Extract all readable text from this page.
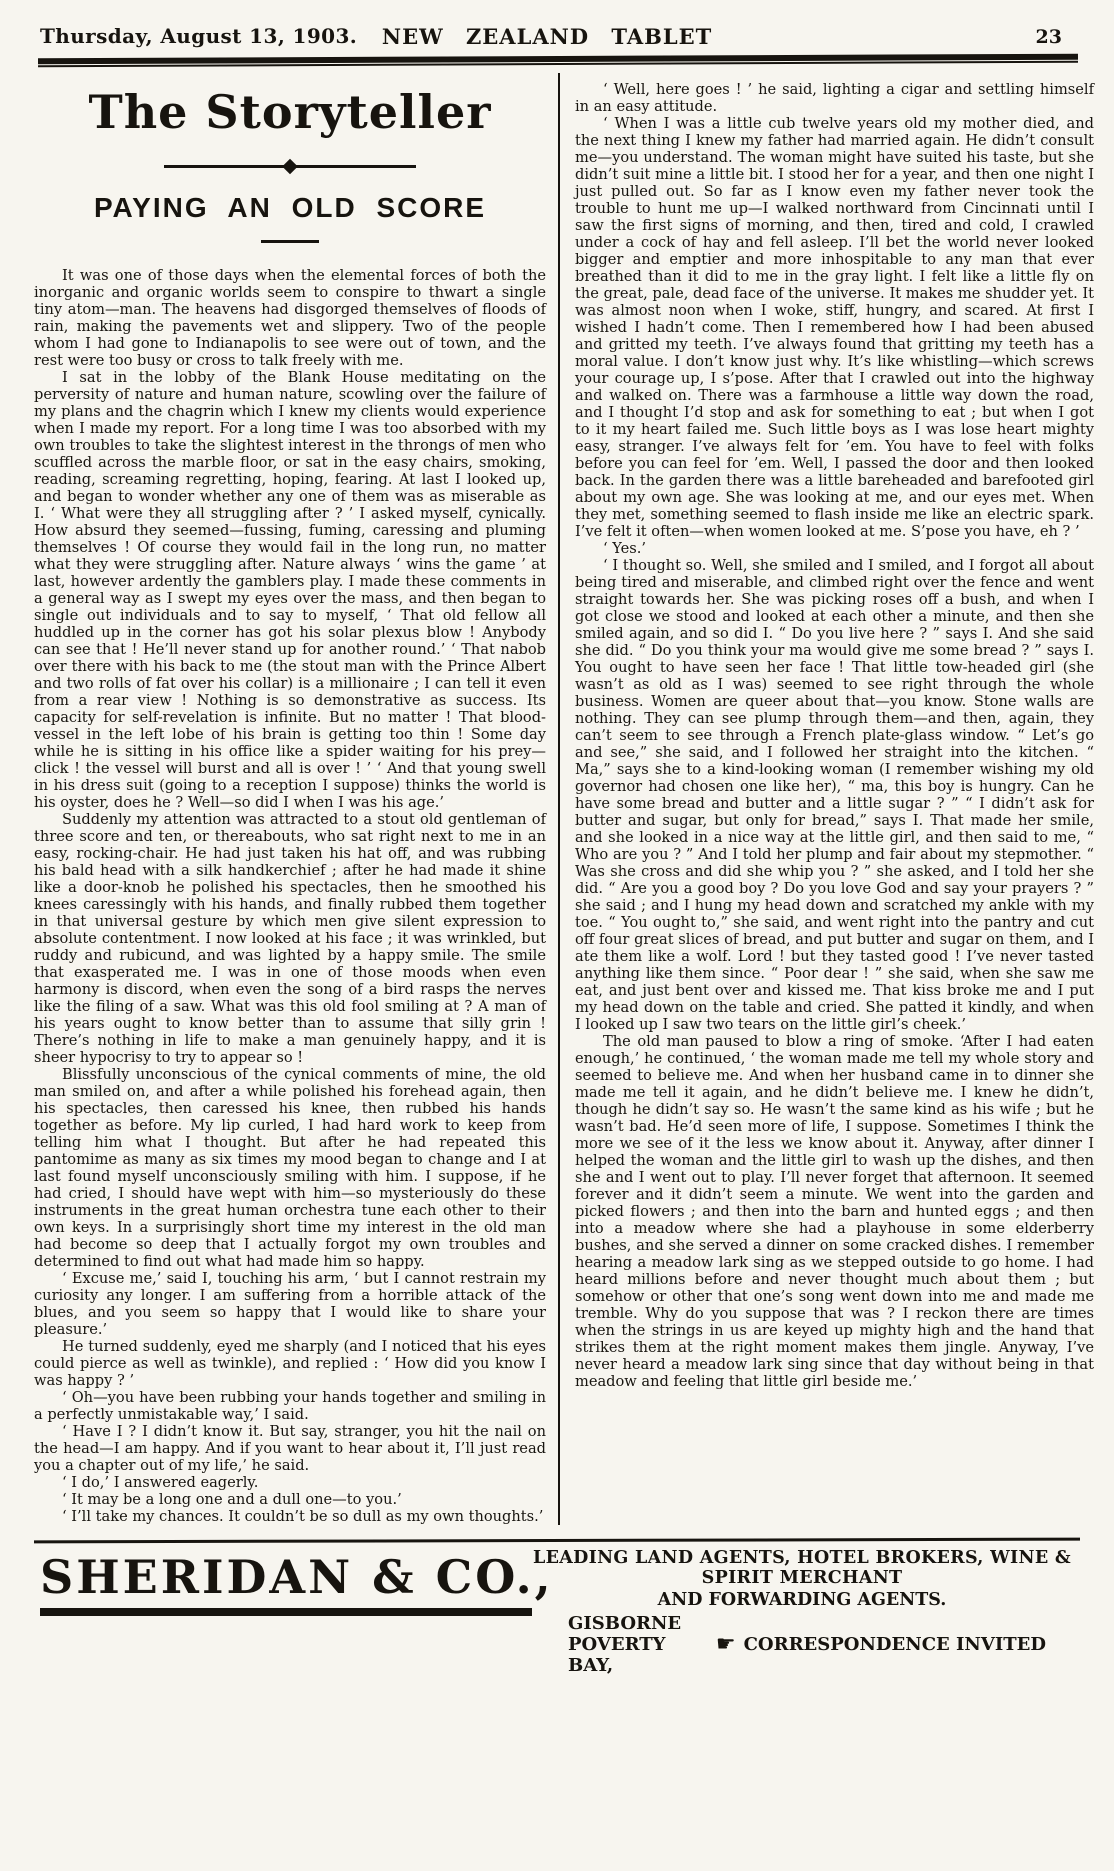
Thursday, August 13, 1903. NEW ZEALAND TABLET	23
The Storyteller
PAYING AN OLD SCORE

It was one of those days when the elemental forces of both the inorganic and organic worlds seem to conspire to thwart a single tiny atom—man. The heavens had disgorged themselves of floods of rain, making the pavements wet and slippery. Two of the people whom I had gone to Indianapolis to see were out of town, and the rest were too busy or cross to talk freely with me.

I sat in the lobby of the Blank House meditating on the perversity of nature and human nature, scowling over the failure of my plans and the chagrin which I knew my clients would experience when I made my report. For a long time I was too absorbed with my own troubles to take the slightest interest in the throngs of men who scuffled across the marble floor, or sat in the easy chairs, smoking, reading, screaming regretting, hoping, fearing. At last I looked up, and began to wonder whether any one of them was as miserable as I. ‘ What were they all struggling after ? ’ I asked myself, cynically. How absurd they seemed—fussing, fuming, caressing and pluming themselves ! Of course they would fail in the long run, no matter what they were struggling after. Nature always ‘ wins the game ’ at last, however ardently the gamblers play. I made these comments in a general way as I swept my eyes over the mass, and then began to single out individuals and to say to myself, ‘ That old fellow all huddled up in the corner has got his solar plexus blow ! Anybody can see that ! He’ll never stand up for another round.’ ‘ That nabob over there with his back to me (the stout man with the Prince Albert and two rolls of fat over his collar) is a millionaire ; I can tell it even from a rear view ! Nothing is so demonstrative as success. Its capacity for self-revelation is infinite. But no matter ! That blood-vessel in the left lobe of his brain is getting too thin ! Some day while he is sitting in his office like a spider waiting for his prey—click ! the vessel will burst and all is over ! ’ ‘ And that young swell in his dress suit (going to a reception I suppose) thinks the world is his oyster, does he ? Well—so did I when I was his age.’

Suddenly my attention was attracted to a stout old gentleman of three score and ten, or thereabouts, who sat right next to me in an easy, rocking-chair. He had just taken his hat off, and was rubbing his bald head with a silk handkerchief ; after he had made it shine like a door-knob he polished his spectacles, then he smoothed his knees caressingly with his hands, and finally rubbed them together in that universal gesture by which men give silent expression to absolute contentment. I now looked at his face ; it was wrinkled, but ruddy and rubicund, and was lighted by a happy smile. The smile that exasperated me. I was in one of those moods when even harmony is discord, when even the song of a bird rasps the nerves like the filing of a saw. What was this old fool smiling at ? A man of his years ought to know better than to assume that silly grin ! There’s nothing in life to make a man genuinely happy, and it is sheer hypocrisy to try to appear so !

Blissfully unconscious of the cynical comments of mine, the old man smiled on, and after a while polished his forehead again, then his spectacles, then caressed his knee, then rubbed his hands together as before. My lip curled, I had hard work to keep from telling him what I thought. But after he had repeated this pantomime as many as six times my mood began to change and I at last found myself unconsciously smiling with him. I suppose, if he had cried, I should have wept with him—so mysteriously do these instruments in the great human orchestra tune each other to their own keys. In a surprisingly short time my interest in the old man had become so deep that I actually forgot my own troubles and determined to find out what had made him so happy.

‘ Excuse me,’ said I, touching his arm, ‘ but I cannot restrain my curiosity any longer. I am suffering from a horrible attack of the blues, and you seem so happy that I would like to share your pleasure.’

He turned suddenly, eyed me sharply (and I noticed that his eyes could pierce as well as twinkle), and replied : ‘ How did you know I was happy ? ’

‘ Oh—you have been rubbing your hands together and smiling in a perfectly unmistakable way,’ I said.

‘ Have I ? I didn’t know it. But say, stranger, you hit the nail on the head—I am happy. And if you want to hear about it, I’ll just read you a chapter out of my life,’ he said.

‘ I do,’ I answered eagerly.

‘ It may be a long one and a dull one—to you.’

‘ I’ll take my chances. It couldn’t be so dull as my own thoughts.’

‘ Well, here goes ! ’ he said, lighting a cigar and settling himself in an easy attitude.

‘ When I was a little cub twelve years old my mother died, and the next thing I knew my father had married again. He didn’t consult me—you understand. The woman might have suited his taste, but she didn’t suit mine a little bit. I stood her for a year, and then one night I just pulled out. So far as I know even my father never took the trouble to hunt me up—I walked northward from Cincinnati until I saw the first signs of morning, and then, tired and cold, I crawled under a cock of hay and fell asleep. I’ll bet the world never looked bigger and emptier and more inhospitable to any man that ever breathed than it did to me in the gray light. I felt like a little fly on the great, pale, dead face of the universe. It makes me shudder yet. It was almost noon when I woke, stiff, hungry, and scared. At first I wished I hadn’t come. Then I remembered how I had been abused and gritted my teeth. I’ve always found that gritting my teeth has a moral value. I don’t know just why. It’s like whistling—which screws your courage up, I s’pose. After that I crawled out into the highway and walked on. There was a farmhouse a little way down the road, and I thought I’d stop and ask for something to eat ; but when I got to it my heart failed me. Such little boys as I was lose heart mighty easy, stranger. I’ve always felt for ’em. You have to feel with folks before you can feel for ’em. Well, I passed the door and then looked back. In the garden there was a little bareheaded and barefooted girl about my own age. She was looking at me, and our eyes met. When they met, something seemed to flash inside me like an electric spark. I’ve felt it often—when women looked at me. S’pose you have, eh ? ’

‘ Yes.’

‘ I thought so. Well, she smiled and I smiled, and I forgot all about being tired and miserable, and climbed right over the fence and went straight towards her. She was picking roses off a bush, and when I got close we stood and looked at each other a minute, and then she smiled again, and so did I. “ Do you live here ? ” says I. And she said she did. “ Do you think your ma would give me some bread ? ” says I. You ought to have seen her face ! That little tow-headed girl (she wasn’t as old as I was) seemed to see right through the whole business. Women are queer about that—you know. Stone walls are nothing. They can see plump through them—and then, again, they can’t seem to see through a French plate-glass window. “ Let’s go and see,” she said, and I followed her straight into the kitchen. “ Ma,” says she to a kind-looking woman (I remember wishing my old governor had chosen one like her), “ ma, this boy is hungry. Can he have some bread and butter and a little sugar ? ” “ I didn’t ask for butter and sugar, but only for bread,” says I. That made her smile, and she looked in a nice way at the little girl, and then said to me, “ Who are you ? ” And I told her plump and fair about my stepmother. “ Was she cross and did she whip you ? ” she asked, and I told her she did. “ Are you a good boy ? Do you love God and say your prayers ? ” she said ; and I hung my head down and scratched my ankle with my toe. “ You ought to,” she said, and went right into the pantry and cut off four great slices of bread, and put butter and sugar on them, and I ate them like a wolf. Lord ! but they tasted good ! I’ve never tasted anything like them since. “ Poor dear ! ” she said, when she saw me eat, and just bent over and kissed me. That kiss broke me and I put my head down on the table and cried. She patted it kindly, and when I looked up I saw two tears on the little girl’s cheek.’

The old man paused to blow a ring of smoke. ‘After I had eaten enough,’ he continued, ‘ the woman made me tell my whole story and seemed to believe me. And when her husband came in to dinner she made me tell it again, and he didn’t believe me. I knew he didn’t, though he didn’t say so. He wasn’t the same kind as his wife ; but he wasn’t bad. He’d seen more of life, I suppose. Sometimes I think the more we see of it the less we know about it. Anyway, after dinner I helped the woman and the little girl to wash up the dishes, and then she and I went out to play. I’ll never forget that afternoon. It seemed forever and it didn’t seem a minute. We went into the garden and picked flowers ; and then into the barn and hunted eggs ; and then into a meadow where she had a playhouse in some elderberry bushes, and she served a dinner on some cracked dishes. I remember hearing a meadow lark sing as we stepped outside to go home. I had heard millions before and never thought much about them ; but somehow or other that one’s song went down into me and made me tremble. Why do you suppose that was ? I reckon there are times when the strings in us are keyed up mighty high and the hand that strikes them at the right moment makes them jingle. Anyway, I’ve never heard a meadow lark sing since that day without being in that meadow and feeling that little girl beside me.’

SHERIDAN & CO.,
LEADING LAND AGENTS, HOTEL BROKERS, WINE & SPIRIT MERCHANT
AND FORWARDING AGENTS.
GISBORNE POVERTY BAY,
☛ CORRESPONDENCE INVITED
